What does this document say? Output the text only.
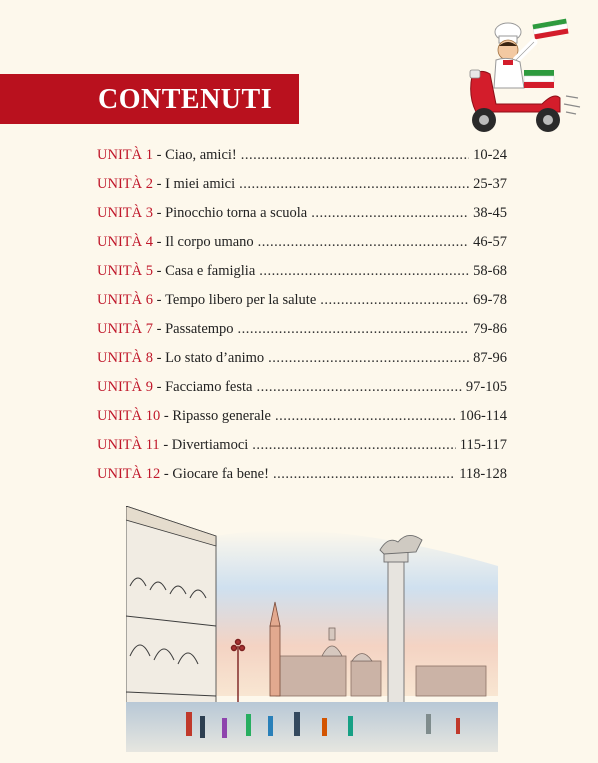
CONTENUTI
UNITÀ 1 - Ciao, amici! .....	10-24
UNITÀ 2 - I miei amici .....	25-37
UNITÀ 3 - Pinocchio torna a scuola .....	38-45
UNITÀ 4 - Il corpo umano .....	46-57
UNITÀ 5 - Casa e famiglia .....	58-68
UNITÀ 6 - Tempo libero per la salute .....	69-78
UNITÀ 7 - Passatempo .....	79-86
UNITÀ 8 - Lo stato d’animo .....	87-96
UNITÀ 9 - Facciamo festa .....	97-105
UNITÀ 10 - Ripasso generale .....	106-114
UNITÀ 11 - Divertiamoci .....	115-117
UNITÀ 12 - Giocare fa bene! .....	118-128
